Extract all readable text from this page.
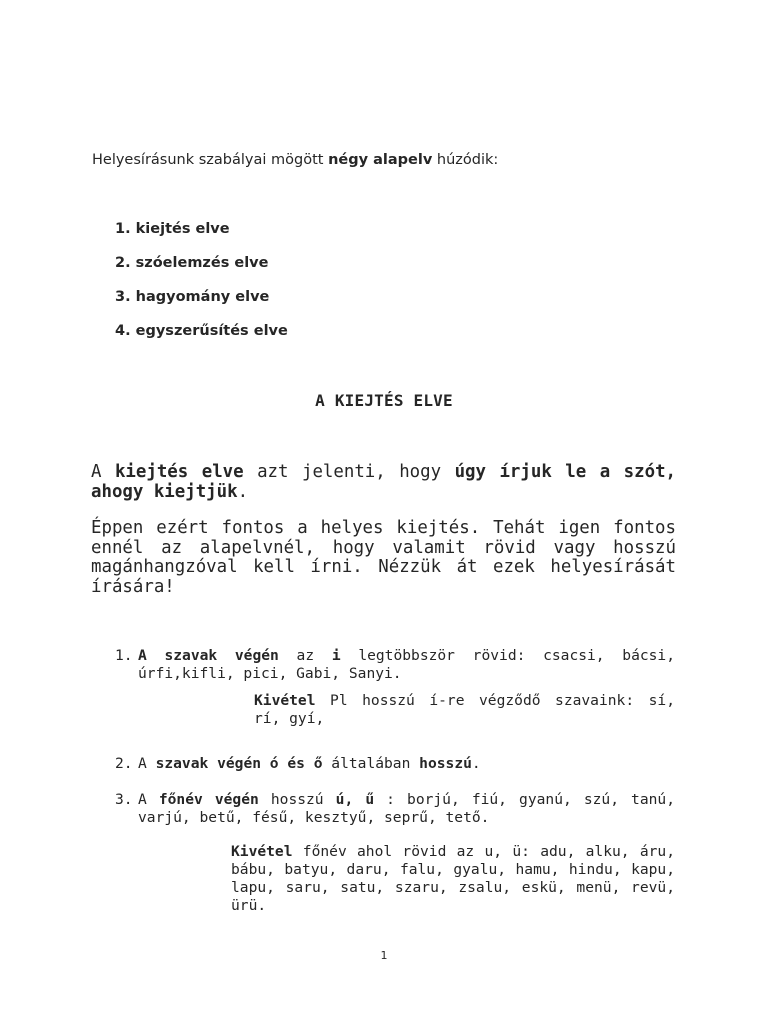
Helyesírásunk szabályai mögött négy alapelv húzódik:
1. kiejtés elve
2. szóelemzés elve
3. hagyomány elve
4. egyszerűsítés elve
A KIEJTÉS ELVE
A kiejtés elve azt jelenti, hogy úgy írjuk le a szót, ahogy kiejtjük.
Éppen ezért fontos a helyes kiejtés. Tehát igen fontos ennél az alapelvnél, hogy valamit rövid vagy hosszú magánhangzóval kell írni. Nézzük át ezek helyesírását írására!
1. A szavak végén az i legtöbbször rövid: csacsi, bácsi, úrfi,kifli, pici, Gabi, Sanyi.
Kivétel Pl hosszú í-re végződő szavaink: sí, rí, gyí,
2. A szavak végén ó és ő általában hosszú.
3. A főnév végén hosszú ú, ű : borjú, fiú, gyanú, szú, tanú, varjú, betű, fésű, kesztyű, seprű, tető.
Kivétel főnév ahol rövid az u, ü: adu, alku, áru, bábu, batyu, daru, falu, gyalu, hamu, hindu, kapu, lapu, saru, satu, szaru, zsalu, eskü, menü, revü, ürü.
1
